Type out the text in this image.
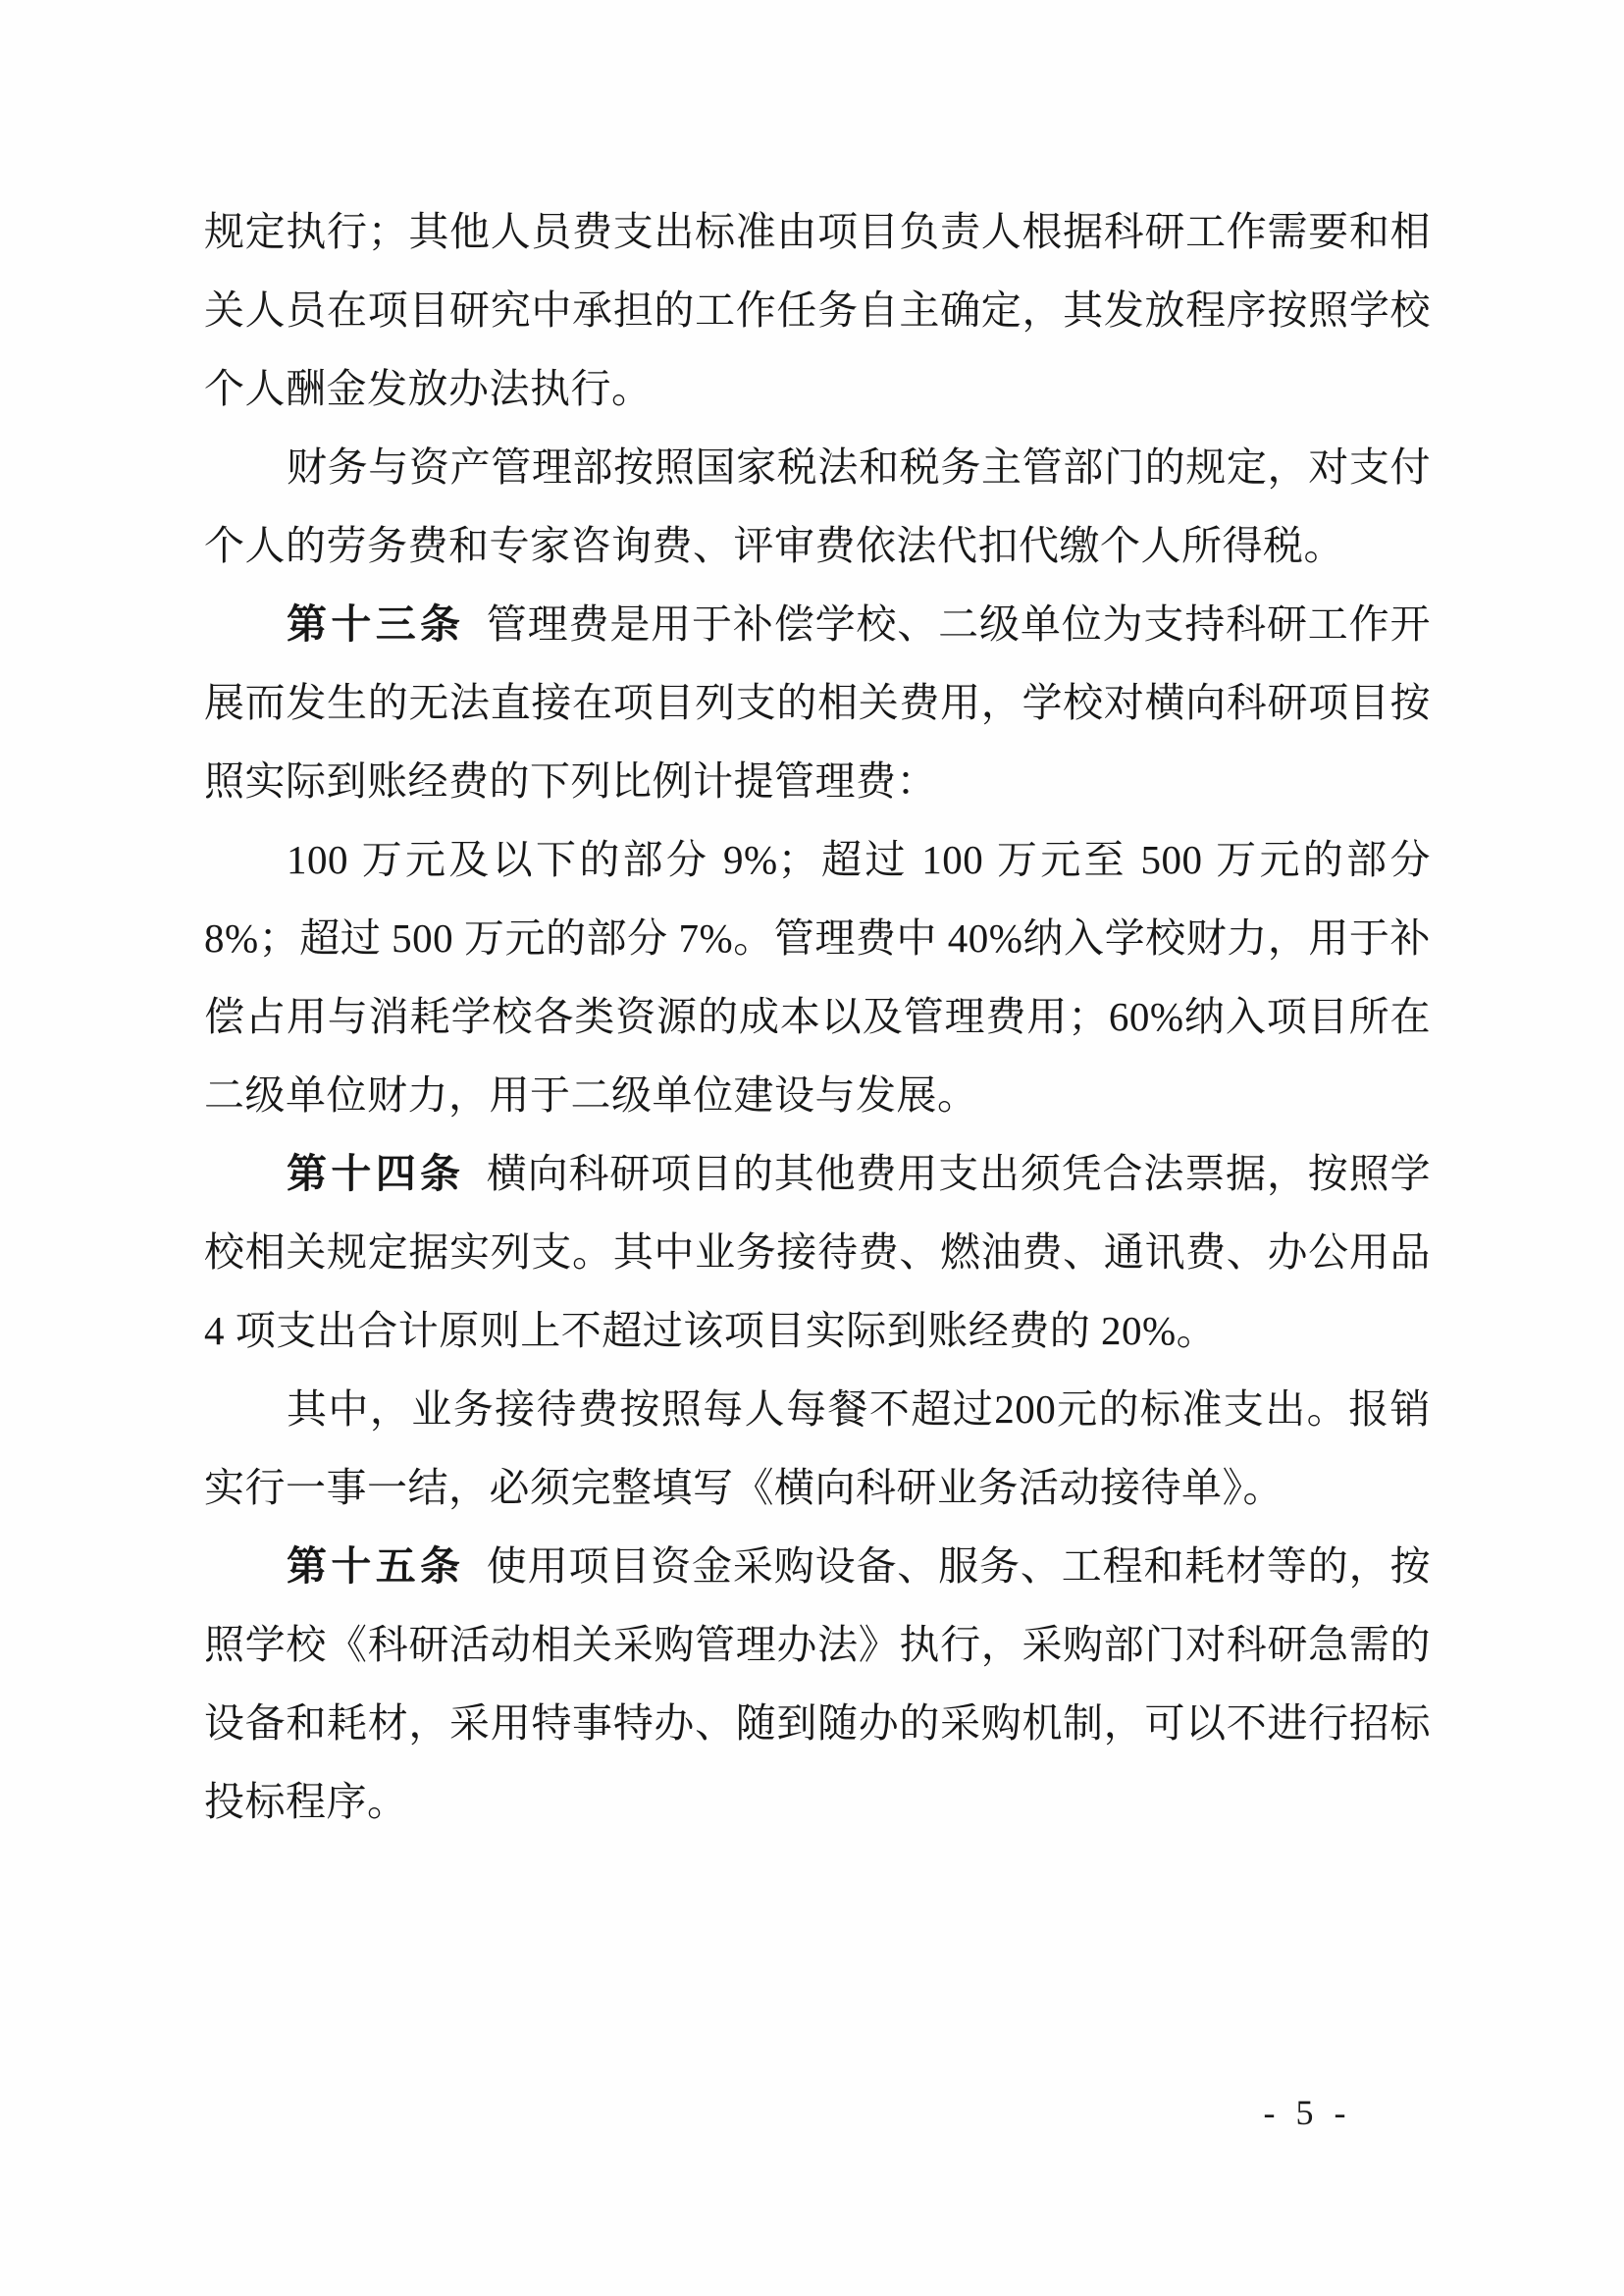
规定执行；其他人员费支出标准由项目负责人根据科研工作需要和相关人员在项目研究中承担的工作任务自主确定，其发放程序按照学校个人酬金发放办法执行。

财务与资产管理部按照国家税法和税务主管部门的规定，对支付个人的劳务费和专家咨询费、评审费依法代扣代缴个人所得税。

第十三条 管理费是用于补偿学校、二级单位为支持科研工作开展而发生的无法直接在项目列支的相关费用，学校对横向科研项目按照实际到账经费的下列比例计提管理费：

100 万元及以下的部分 9%；超过 100 万元至 500 万元的部分 8%；超过 500 万元的部分 7%。管理费中 40%纳入学校财力，用于补偿占用与消耗学校各类资源的成本以及管理费用；60%纳入项目所在二级单位财力，用于二级单位建设与发展。

第十四条 横向科研项目的其他费用支出须凭合法票据，按照学校相关规定据实列支。其中业务接待费、燃油费、通讯费、办公用品 4 项支出合计原则上不超过该项目实际到账经费的 20%。

其中，业务接待费按照每人每餐不超过200元的标准支出。报销实行一事一结，必须完整填写《横向科研业务活动接待单》。

第十五条 使用项目资金采购设备、服务、工程和耗材等的，按照学校《科研活动相关采购管理办法》执行，采购部门对科研急需的设备和耗材，采用特事特办、随到随办的采购机制，可以不进行招标投标程序。

- 5 -
